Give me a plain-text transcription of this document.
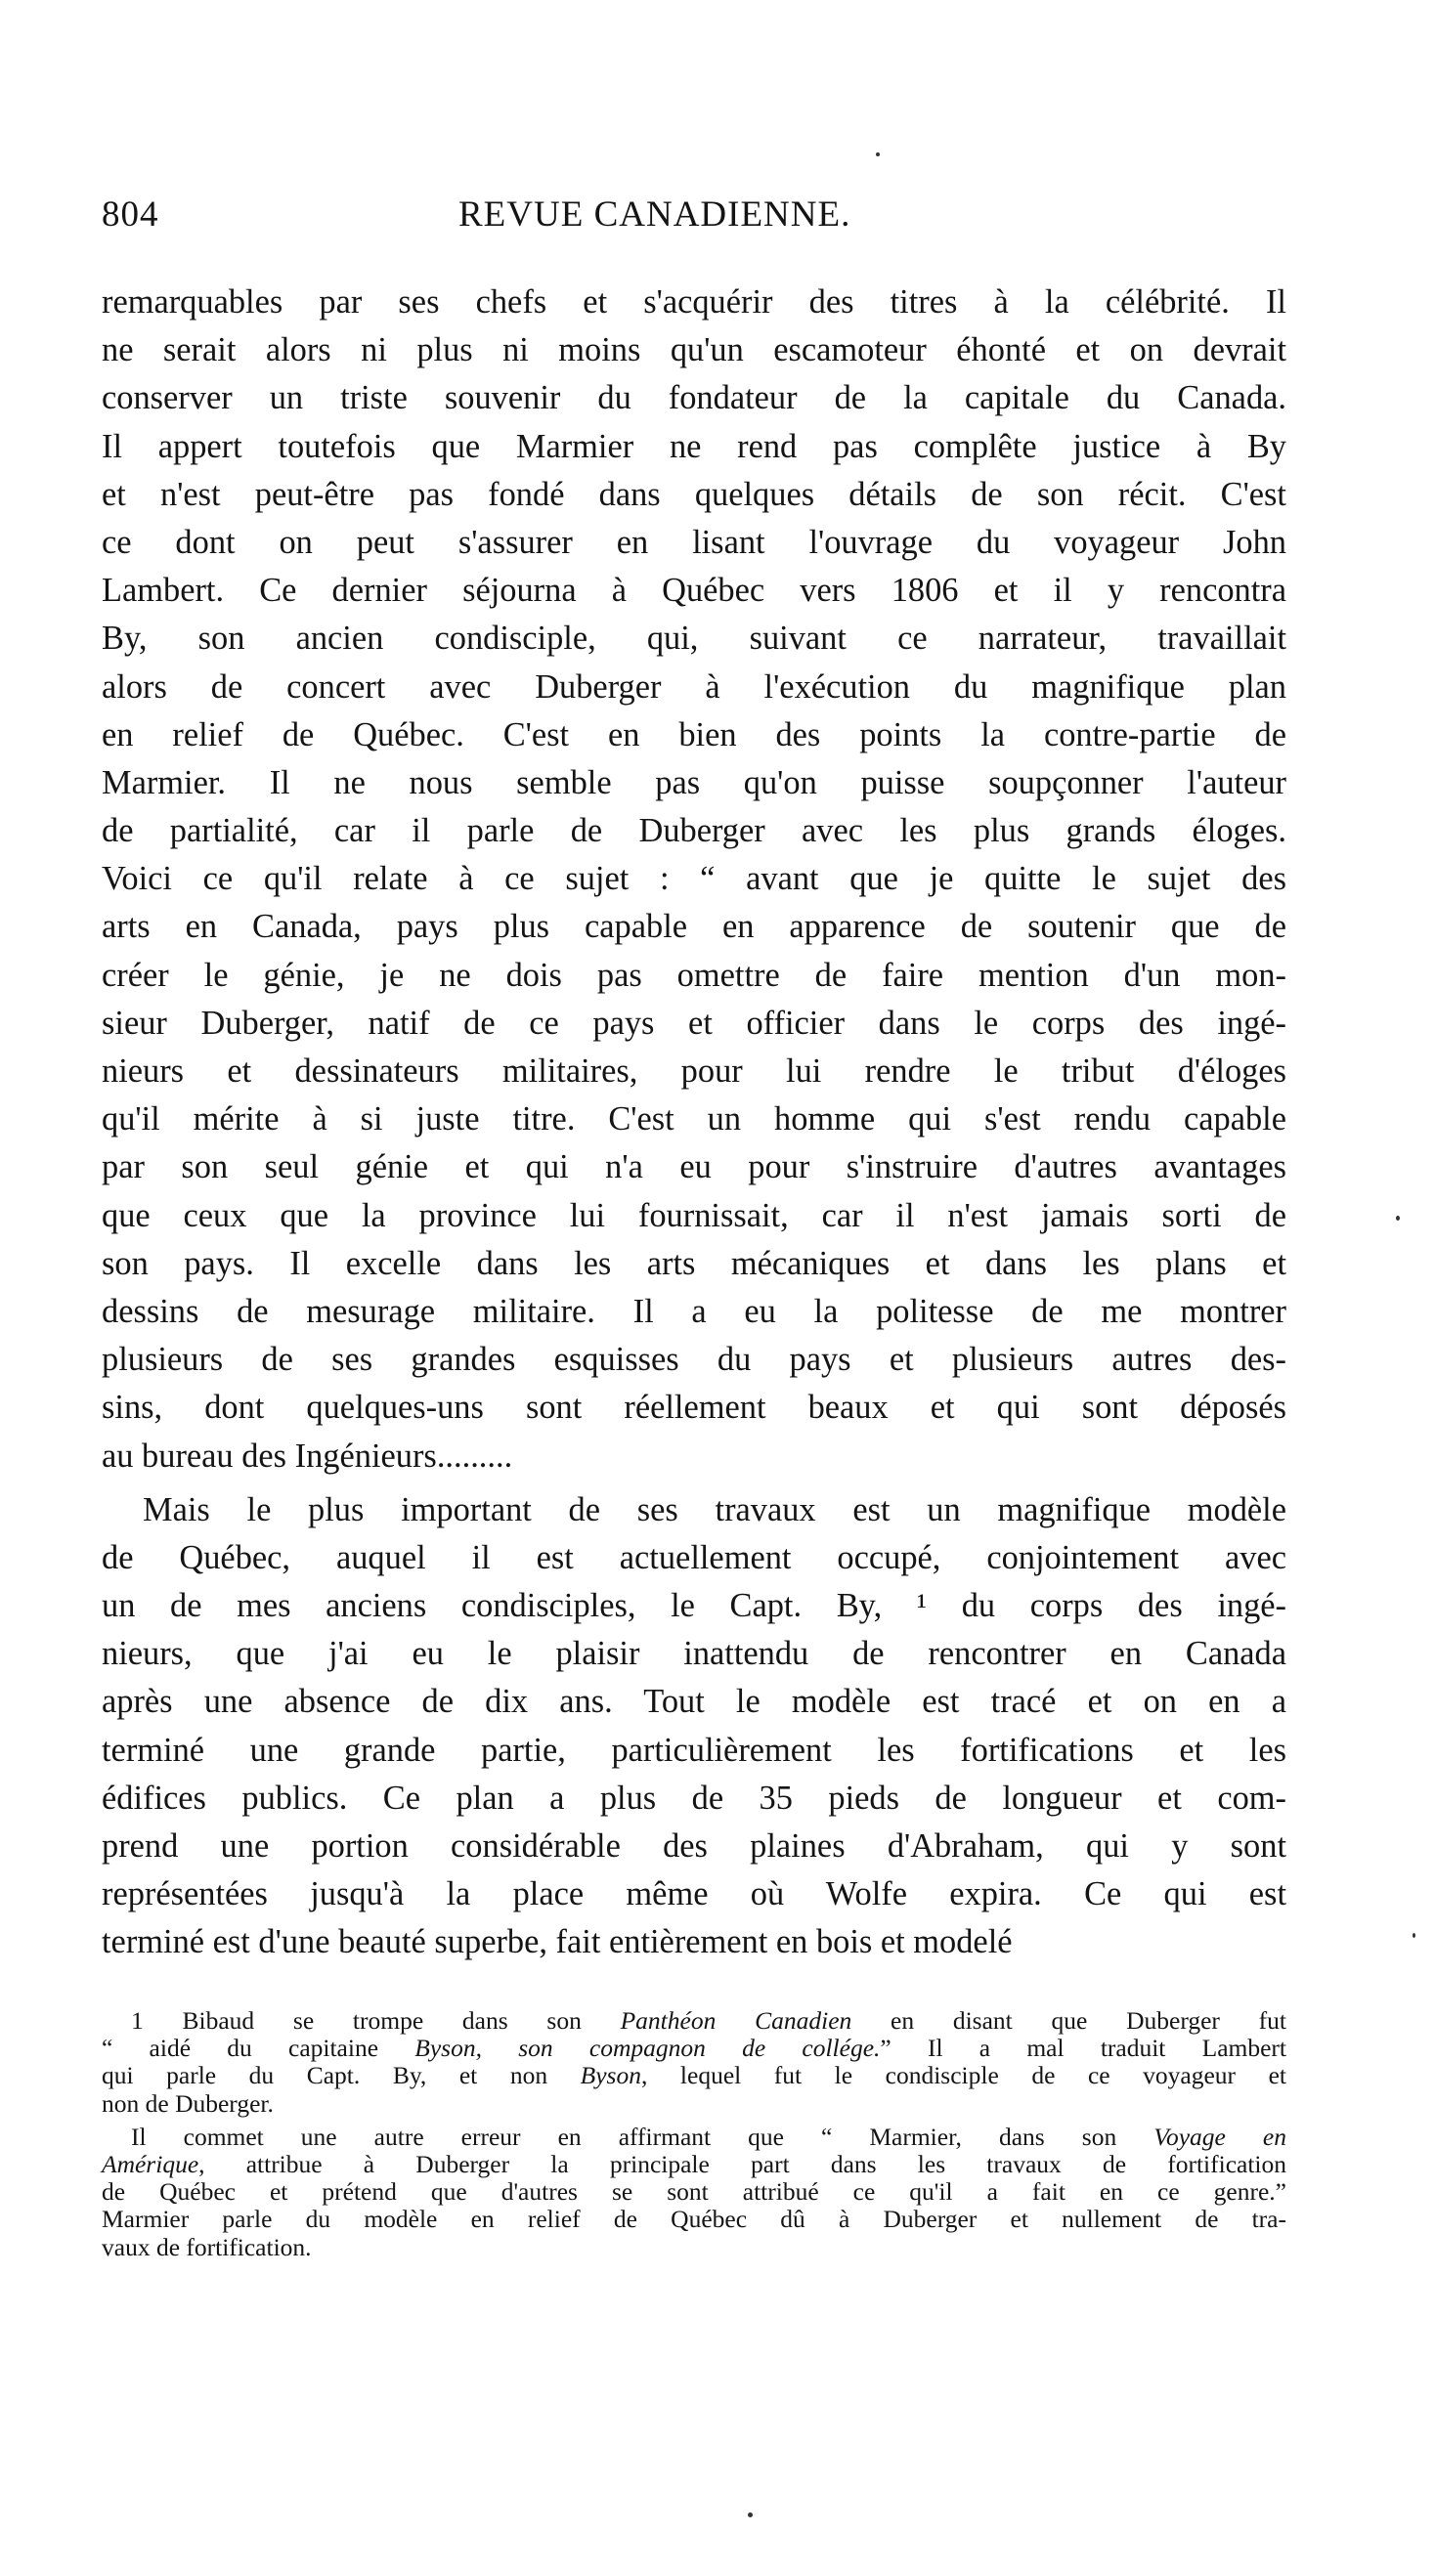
804	REVUE CANADIENNE.
remarquables par ses chefs et s'acquérir des titres à la célébrité. Il
ne serait alors ni plus ni moins qu'un escamoteur éhonté et on devrait
conserver un triste souvenir du fondateur de la capitale du Canada.
Il appert toutefois que Marmier ne rend pas complête justice à By
et n'est peut-être pas fondé dans quelques détails de son récit. C'est
ce dont on peut s'assurer en lisant l'ouvrage du voyageur John
Lambert. Ce dernier séjourna à Québec vers 1806 et il y rencontra
By, son ancien condisciple, qui, suivant ce narrateur, travaillait
alors de concert avec Duberger à l'exécution du magnifique plan
en relief de Québec. C'est en bien des points la contre-partie de
Marmier. Il ne nous semble pas qu'on puisse soupçonner l'auteur
de partialité, car il parle de Duberger avec les plus grands éloges.
Voici ce qu'il relate à ce sujet : “ avant que je quitte le sujet des
arts en Canada, pays plus capable en apparence de soutenir que de
créer le génie, je ne dois pas omettre de faire mention d'un mon-
sieur Duberger, natif de ce pays et officier dans le corps des ingé-
nieurs et dessinateurs militaires, pour lui rendre le tribut d'éloges
qu'il mérite à si juste titre. C'est un homme qui s'est rendu capable
par son seul génie et qui n'a eu pour s'instruire d'autres avantages
que ceux que la province lui fournissait, car il n'est jamais sorti de
son pays. Il excelle dans les arts mécaniques et dans les plans et
dessins de mesurage militaire. Il a eu la politesse de me montrer
plusieurs de ses grandes esquisses du pays et plusieurs autres des-
sins, dont quelques-uns sont réellement beaux et qui sont déposés
au bureau des Ingénieurs.........
Mais le plus important de ses travaux est un magnifique modèle
de Québec, auquel il est actuellement occupé, conjointement avec
un de mes anciens condisciples, le Capt. By, ¹ du corps des ingé-
nieurs, que j'ai eu le plaisir inattendu de rencontrer en Canada
après une absence de dix ans. Tout le modèle est tracé et on en a
terminé une grande partie, particulièrement les fortifications et les
édifices publics. Ce plan a plus de 35 pieds de longueur et com-
prend une portion considérable des plaines d'Abraham, qui y sont
représentées jusqu'à la place même où Wolfe expira. Ce qui est
terminé est d'une beauté superbe, fait entièrement en bois et modelé
1 Bibaud se trompe dans son Panthéon Canadien en disant que Duberger fut
“ aidé du capitaine Byson, son compagnon de collége.” Il a mal traduit Lambert
qui parle du Capt. By, et non Byson, lequel fut le condisciple de ce voyageur et
non de Duberger.
Il commet une autre erreur en affirmant que “ Marmier, dans son Voyage en
Amérique, attribue à Duberger la principale part dans les travaux de fortification
de Québec et prétend que d'autres se sont attribué ce qu'il a fait en ce genre.”
Marmier parle du modèle en relief de Québec dû à Duberger et nullement de tra-
vaux de fortification.
